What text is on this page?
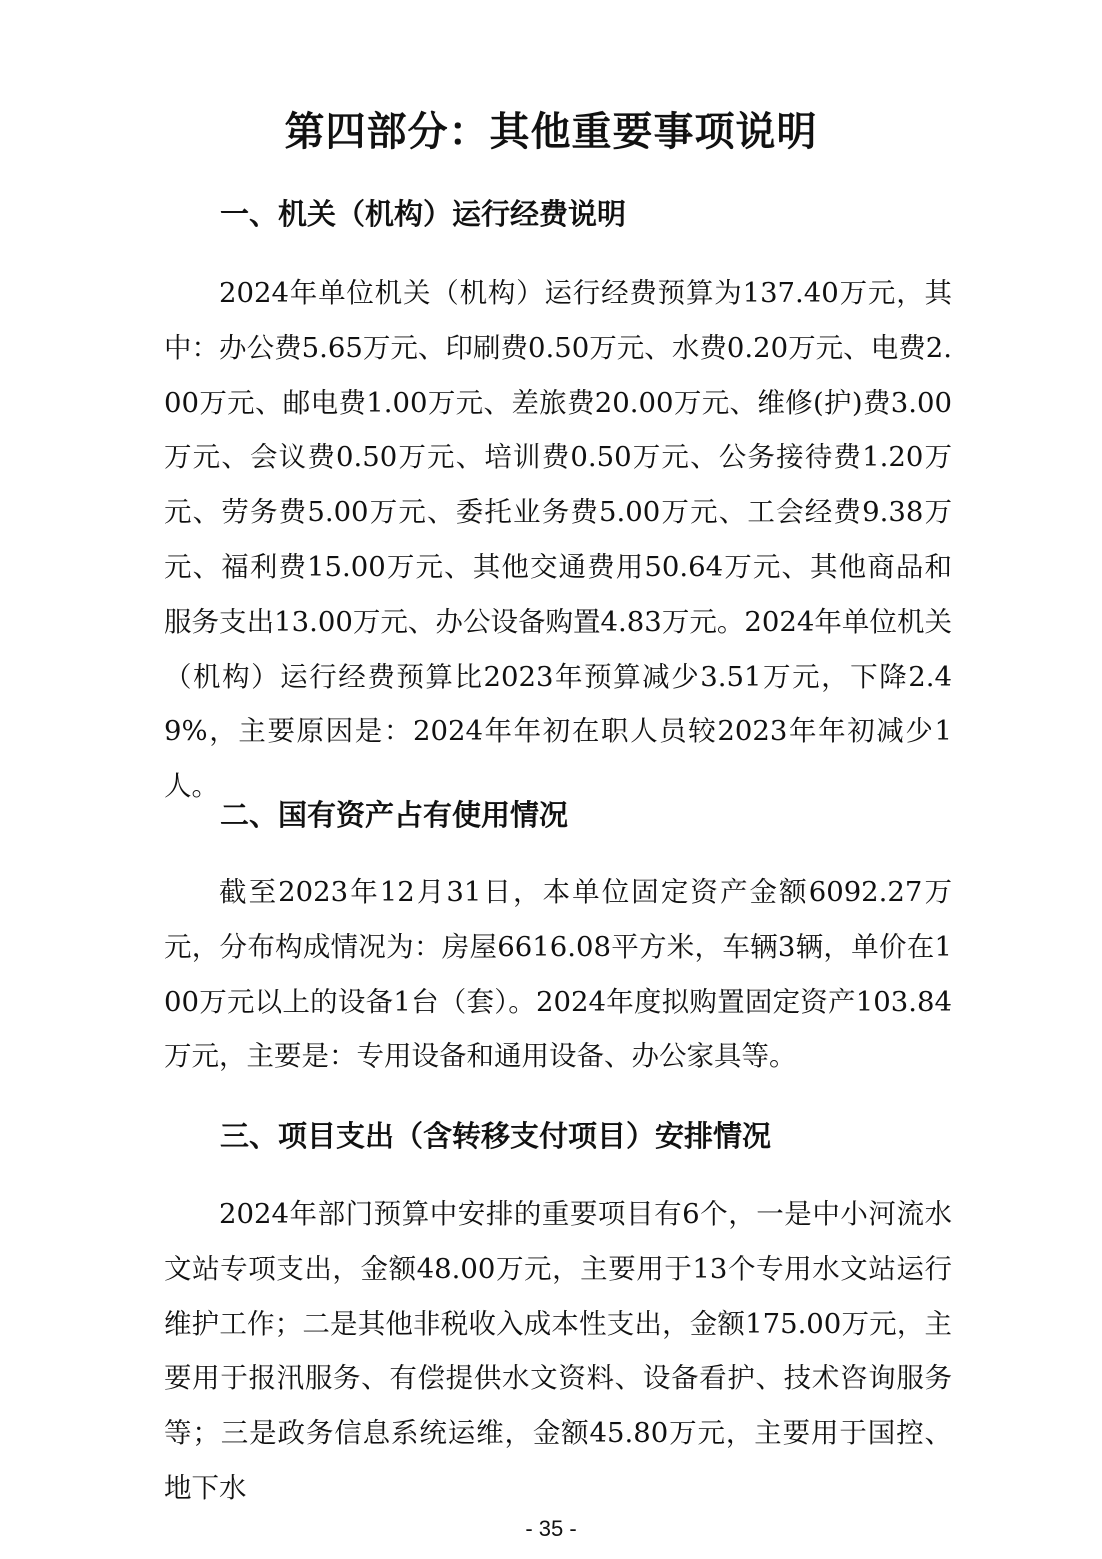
第四部分：其他重要事项说明
一、机关（机构）运行经费说明

2024年单位机关（机构）运行经费预算为137.40万元，其中：办公费5.65万元、印刷费0.50万元、水费0.20万元、电费2.00万元、邮电费1.00万元、差旅费20.00万元、维修(护)费3.00万元、会议费0.50万元、培训费0.50万元、公务接待费1.20万元、劳务费5.00万元、委托业务费5.00万元、工会经费9.38万元、福利费15.00万元、其他交通费用50.64万元、其他商品和服务支出13.00万元、办公设备购置4.83万元。2024年单位机关（机构）运行经费预算比2023年预算减少3.51万元，下降2.49%，主要原因是：2024年年初在职人员较2023年年初减少1人。

二、国有资产占有使用情况

截至2023年12月31日，本单位固定资产金额6092.27万元，分布构成情况为：房屋6616.08平方米，车辆3辆，单价在100万元以上的设备1台（套）。2024年度拟购置固定资产103.84万元，主要是：专用设备和通用设备、办公家具等。

三、项目支出（含转移支付项目）安排情况

2024年部门预算中安排的重要项目有6个，一是中小河流水文站专项支出，金额48.00万元，主要用于13个专用水文站运行维护工作；二是其他非税收入成本性支出，金额175.00万元，主要用于报汛服务、有偿提供水文资料、设备看护、技术咨询服务等；三是政务信息系统运维，金额45.80万元，主要用于国控、地下水

- 35 -
